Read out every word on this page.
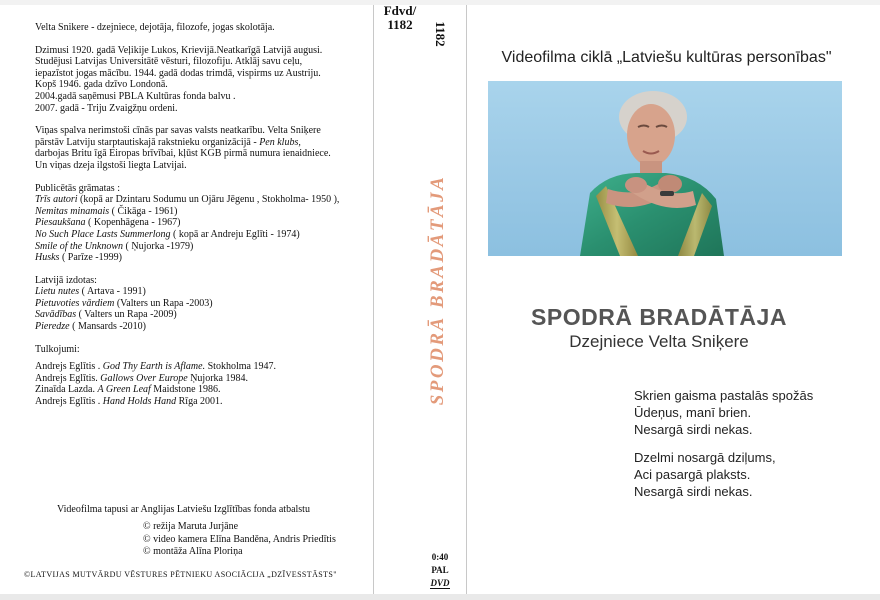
Velta Snikere - dzejniece, dejotāja, filozofe, jogas skolotāja.

Dzimusi 1920. gadā Veļikije Lukos, Krievijā.Neatkarīgā Latvijā augusi.
Studējusi Latvijas Universitātē vēsturi, filozofiju. Atklāj savu ceļu,
iepazīstot jogas mācību. 1944. gadā dodas trimdā, vispirms uz Austriju.
Kopš 1946. gada dzīvo Londonā.
2004.gadā saņēmusi PBLA Kultūras fonda balvu .
2007. gadā - Triju Zvaigžņu ordeni.

Viņas spalva nerimstoši cīnās par savas valsts neatkarību. Velta Sniķere
pārstāv Latviju starptautiskajā rakstnieku organizācijā - Pen klubs,
darbojas Britu īgā Eiropas brīvībai, kļūst KGB pirmā numura ienaidniece.
Un viņas dzeja ilgstoši liegta Latvijai.

Publicētās grāmatas :
Trīs autori (kopā ar Dzintaru Sodumu un Ojāru Jēgenu , Stokholma- 1950 ),
Nemitas minamais ( Čikāga - 1961)
Piesaukšana ( Kopenhāgena - 1967)
No Such Place Lasts Summerlong ( kopā ar Andreju Eglīti - 1974)
Smile of the Unknown ( Ņujorka -1979)
Husks ( Parīze -1999)

Latvijā izdotas:
Lietu nutes ( Artava - 1991)
Pietuvoties vārdiem (Valters un Rapa -2003)
Savādības ( Valters un Rapa -2009)
Pieredze ( Mansards -2010)

Tulkojumi:
Andrejs Eglītis . God Thy Earth is Aflame. Stokholma 1947.
Andrejs Eglītis. Gallows Over Europe Ņujorka 1984.
Zinaīda Lazda. A Green Leaf Maidstone 1986.
Andrejs Eglītis . Hand Holds Hand Rīga 2001.

Videofilma tapusi ar Anglijas Latviešu Izglītības fonda atbalstu
© režija Maruta Jurjāne
© video kamera Elīna Banděna, Andris Priedītis
© montāža Alīna Ploriņa
©LATVIJAS MUTVĀRDU VĒSTURES PĒTNIEKU ASOCIĀCIJA „DZĪVESSTĀSTS"
Fdvd/
1182	1182
SPODRĀ BRADĀTĀJA
0:40
PAL
DVD
Videofilma ciklā „Latviešu kultūras personības"
SPODRĀ BRADĀTĀJA
Dzejniece Velta Sniķere
Skrien gaisma pastalās spožās
Ūdeņus, manī brien.
Nesargā sirdi nekas.
Dzelmi nosargā dziļums,
Aci pasargā plaksts.
Nesargā sirdi nekas.
